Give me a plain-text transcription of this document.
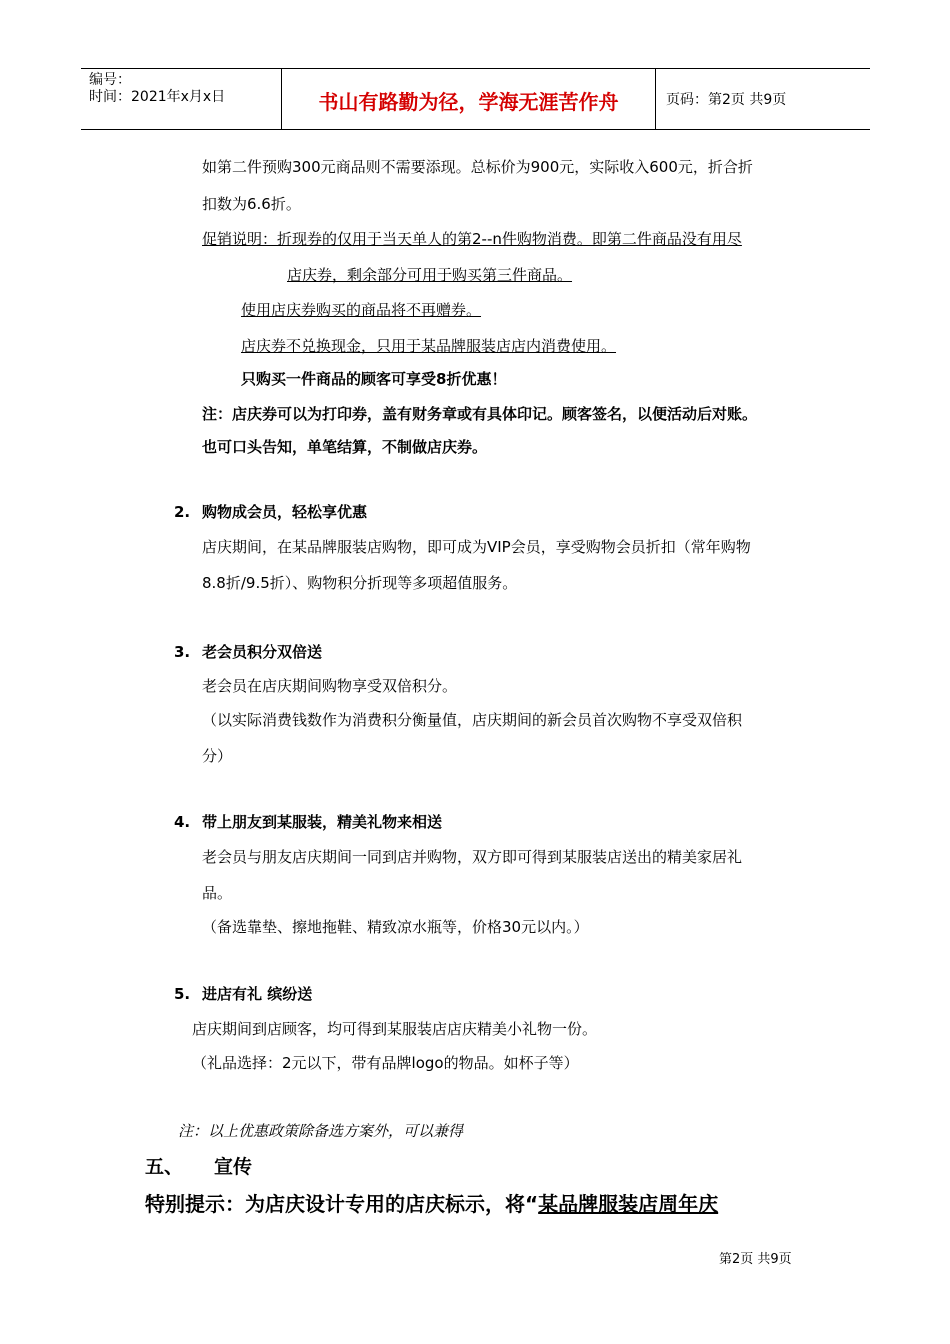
编号：
时间：2021年x月x日	书山有路勤为径，学海无涯苦作舟	页码：第2页 共9页
如第二件预购300元商品则不需要添现。总标价为900元，实际收入600元，折合折
扣数为6.6折。
促销说明：折现券的仅用于当天单人的第2--n件购物消费。即第二件商品没有用尽
店庆券，剩余部分可用于购买第三件商品。
使用店庆券购买的商品将不再赠券。
店庆券不兑换现金，只用于某品牌服装店店内消费使用。
只购买一件商品的顾客可享受8折优惠！
注：店庆券可以为打印券，盖有财务章或有具体印记。顾客签名，以便活动后对账。
也可口头告知，单笔结算，不制做店庆券。
2. 购物成会员，轻松享优惠
店庆期间，在某品牌服装店购物，即可成为VIP会员，享受购物会员折扣（常年购物
8.8折/9.5折）、购物积分折现等多项超值服务。
3. 老会员积分双倍送
老会员在店庆期间购物享受双倍积分。
（以实际消费钱数作为消费积分衡量值，店庆期间的新会员首次购物不享受双倍积
分）
4. 带上朋友到某服装，精美礼物来相送
老会员与朋友店庆期间一同到店并购物，双方即可得到某服装店送出的精美家居礼
品。
（备选靠垫、擦地拖鞋、精致凉水瓶等，价格30元以内。）
5. 进店有礼 缤纷送
店庆期间到店顾客，均可得到某服装店店庆精美小礼物一份。
（礼品选择：2元以下，带有品牌logo的物品。如杯子等）
注：以上优惠政策除备选方案外，可以兼得
五、 宣传
特别提示：为店庆设计专用的店庆标示，将“某品牌服装店周年庆
第2页 共9页
